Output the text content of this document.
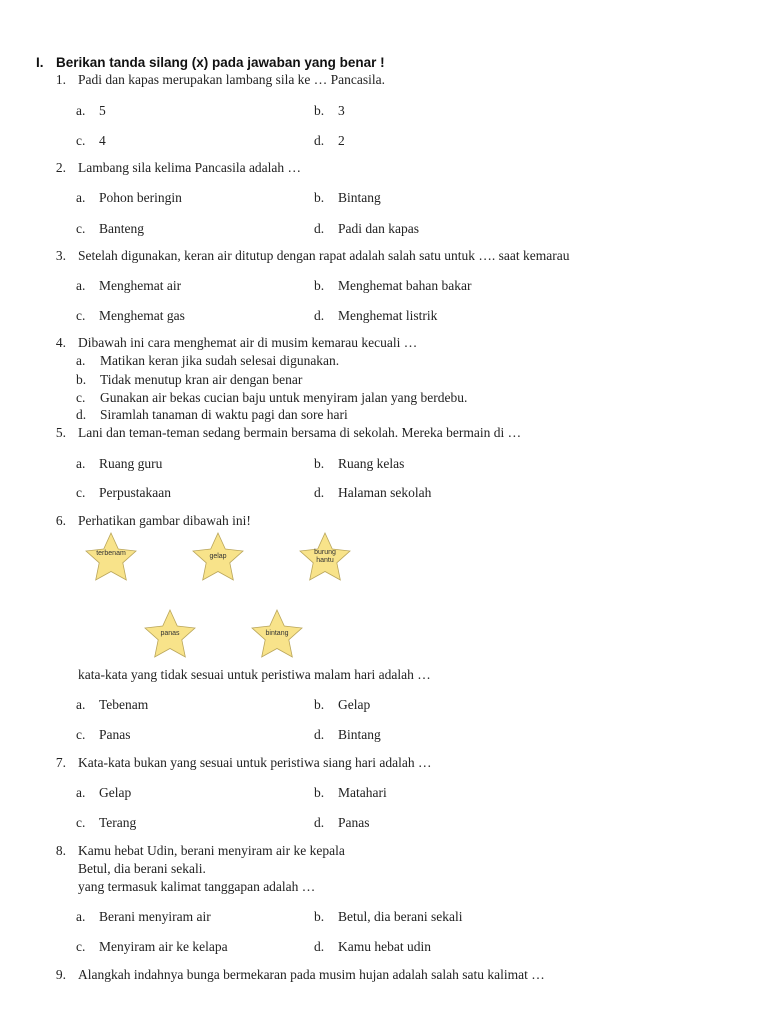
I. Berikan tanda silang (x) pada jawaban yang benar !
1. Padi dan kapas merupakan lambang sila ke … Pancasila.
a. 5	b. 3
c. 4	d. 2
2. Lambang sila kelima Pancasila adalah …
a. Pohon beringin	b. Bintang
c. Banteng	d. Padi dan kapas
3. Setelah digunakan, keran air ditutup dengan rapat adalah salah satu untuk …. saat kemarau
a. Menghemat air	b. Menghemat bahan bakar
c. Menghemat gas	d. Menghemat listrik
4. Dibawah ini cara menghemat air di musim kemarau kecuali …
a. Matikan keran jika sudah selesai digunakan.
b. Tidak menutup kran air dengan benar
c. Gunakan air bekas cucian baju untuk menyiram jalan yang berdebu.
d. Siramlah tanaman di waktu pagi dan sore hari
5. Lani dan teman-teman sedang bermain bersama di sekolah. Mereka bermain di …
a. Ruang guru	b. Ruang kelas
c. Perpustakaan	d. Halaman sekolah
6. Perhatikan gambar dibawah ini!
terbenam	gelap
burung
hantu
panas	bintang
kata-kata yang tidak sesuai untuk peristiwa malam hari adalah …
a. Tebenam	b. Gelap
c. Panas	d. Bintang
7. Kata-kata bukan yang sesuai untuk peristiwa siang hari adalah …
a. Gelap	b. Matahari
c. Terang	d. Panas
8. Kamu hebat Udin, berani menyiram air ke kepala
Betul, dia berani sekali.
yang termasuk kalimat tanggapan adalah …
a. Berani menyiram air	b. Betul, dia berani sekali
c. Menyiram air ke kelapa	d. Kamu hebat udin
9. Alangkah indahnya bunga bermekaran pada musim hujan adalah salah satu kalimat …
